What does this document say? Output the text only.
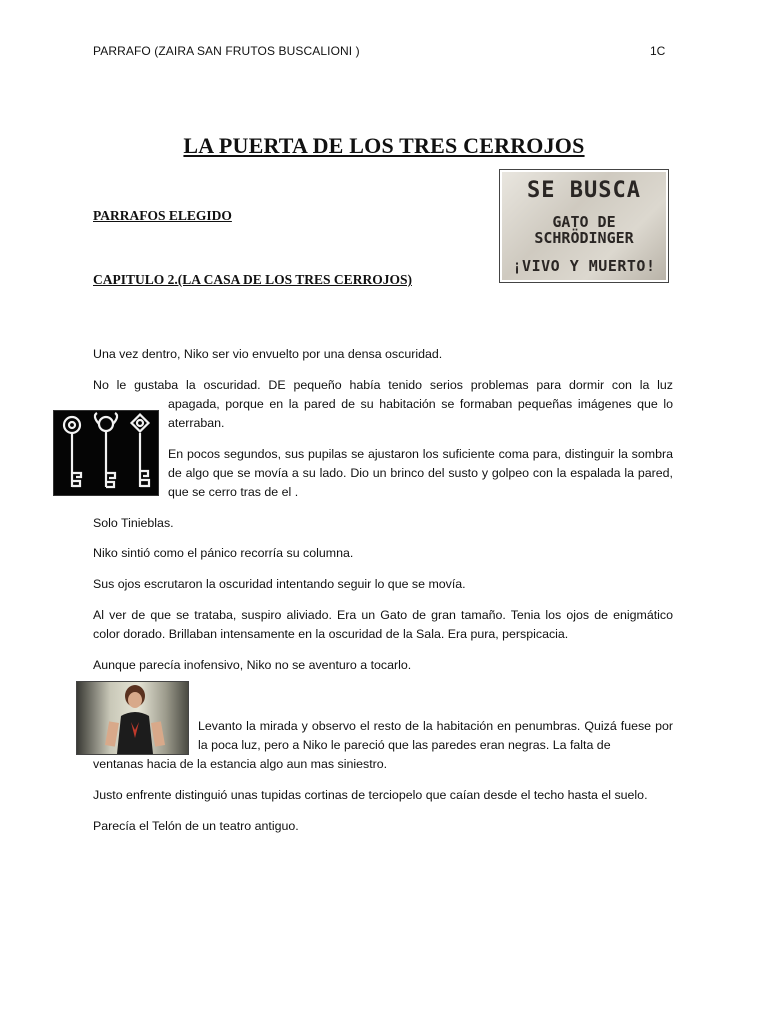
PARRAFO (ZAIRA SAN FRUTOS BUSCALIONI )	1C
LA PUERTA DE LOS TRES CERROJOS
PARRAFOS ELEGIDO
CAPITULO 2.(LA CASA DE LOS TRES CERROJOS)
SE BUSCA
GATO DE
SCHRÖDINGER
¡VIVO Y MUERTO!
Una vez dentro, Niko ser vio envuelto por una densa oscuridad.
No le gustaba la oscuridad. DE pequeño había tenido serios problemas para dormir con la luz
apagada, porque en la pared de su habitación se formaban pequeñas imágenes que lo aterraban.
En pocos segundos, sus pupilas se ajustaron los suficiente coma para, distinguir la sombra de algo que se movía a su lado. Dio un brinco del susto y golpeo con la espalada la pared, que se cerro tras de el .
Solo Tinieblas.
Niko sintió como el pánico recorría su columna.
Sus ojos escrutaron la oscuridad intentando seguir lo que se movía.
Al ver de que se trataba, suspiro aliviado. Era un Gato de gran tamaño. Tenia los ojos de enigmático color dorado. Brillaban intensamente en la oscuridad de la Sala. Era pura, perspicacia.
Aunque parecía inofensivo, Niko no se aventuro a tocarlo.
Levanto la mirada y observo el resto de la habitación en penumbras. Quizá fuese por la poca luz, pero a Niko le pareció que las paredes eran negras. La falta de
ventanas hacia de la estancia algo aun mas siniestro.
Justo enfrente distinguió unas tupidas cortinas de terciopelo que caían desde el techo hasta el suelo.
Parecía el Telón de un teatro antiguo.
